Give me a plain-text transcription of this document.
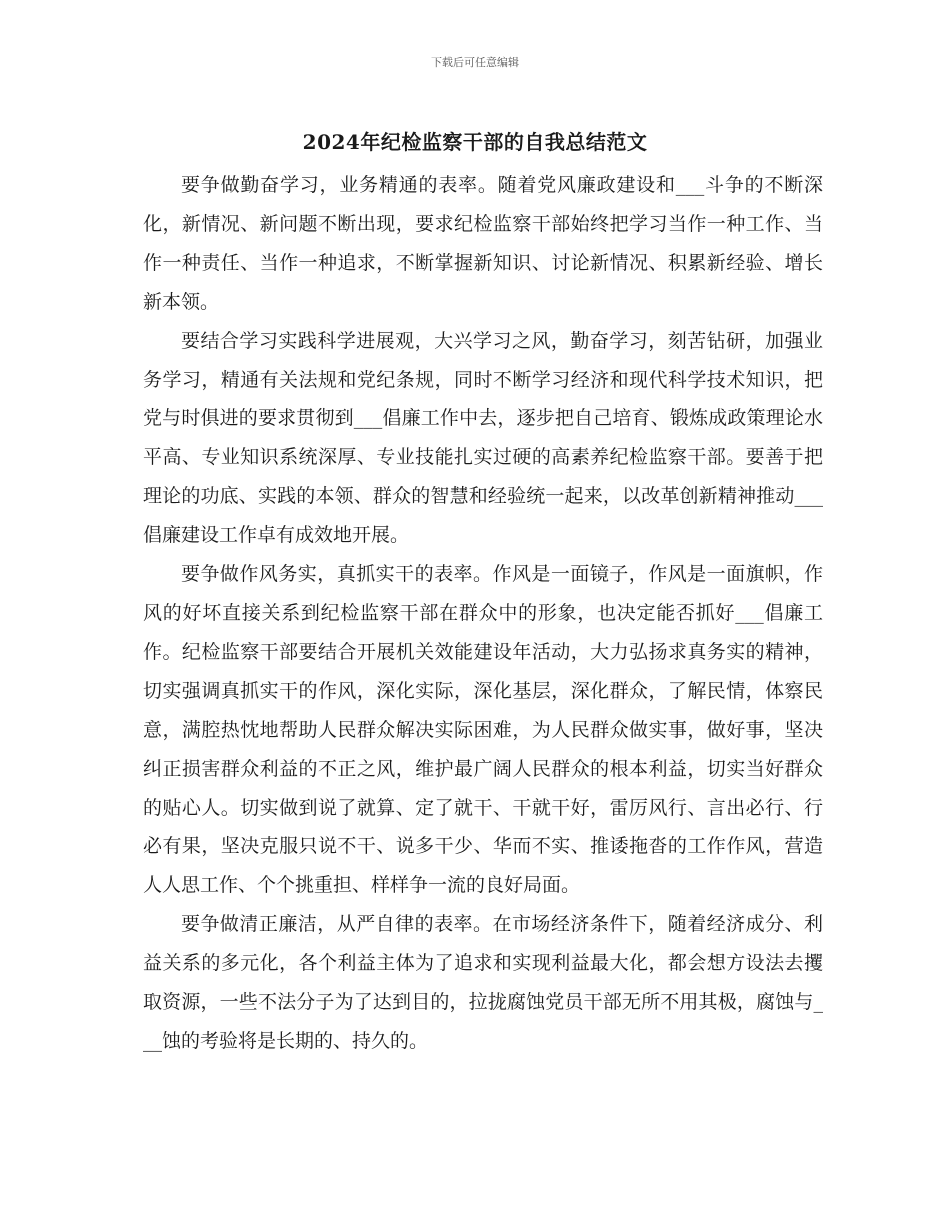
下载后可任意编辑
2024年纪检监察干部的自我总结范文

要争做勤奋学习，业务精通的表率。随着党风廉政建设和___斗争的不断深化，新情况、新问题不断出现，要求纪检监察干部始终把学习当作一种工作、当作一种责任、当作一种追求，不断掌握新知识、讨论新情况、积累新经验、增长新本领。

要结合学习实践科学进展观，大兴学习之风，勤奋学习，刻苦钻研，加强业务学习，精通有关法规和党纪条规，同时不断学习经济和现代科学技术知识，把党与时俱进的要求贯彻到___倡廉工作中去，逐步把自己培育、锻炼成政策理论水平高、专业知识系统深厚、专业技能扎实过硬的高素养纪检监察干部。要善于把理论的功底、实践的本领、群众的智慧和经验统一起来，以改革创新精神推动___倡廉建设工作卓有成效地开展。

要争做作风务实，真抓实干的表率。作风是一面镜子，作风是一面旗帜，作风的好坏直接关系到纪检监察干部在群众中的形象，也决定能否抓好___倡廉工作。纪检监察干部要结合开展机关效能建设年活动，大力弘扬求真务实的精神，切实强调真抓实干的作风，深化实际，深化基层，深化群众，了解民情，体察民意，满腔热忱地帮助人民群众解决实际困难，为人民群众做实事，做好事，坚决纠正损害群众利益的不正之风，维护最广阔人民群众的根本利益，切实当好群众的贴心人。切实做到说了就算、定了就干、干就干好，雷厉风行、言出必行、行必有果，坚决克服只说不干、说多干少、华而不实、推诿拖沓的工作作风，营造人人思工作、个个挑重担、样样争一流的良好局面。

要争做清正廉洁，从严自律的表率。在市场经济条件下，随着经济成分、利益关系的多元化，各个利益主体为了追求和实现利益最大化，都会想方设法去攫取资源，一些不法分子为了达到目的，拉拢腐蚀党员干部无所不用其极，腐蚀与___蚀的考验将是长期的、持久的。
